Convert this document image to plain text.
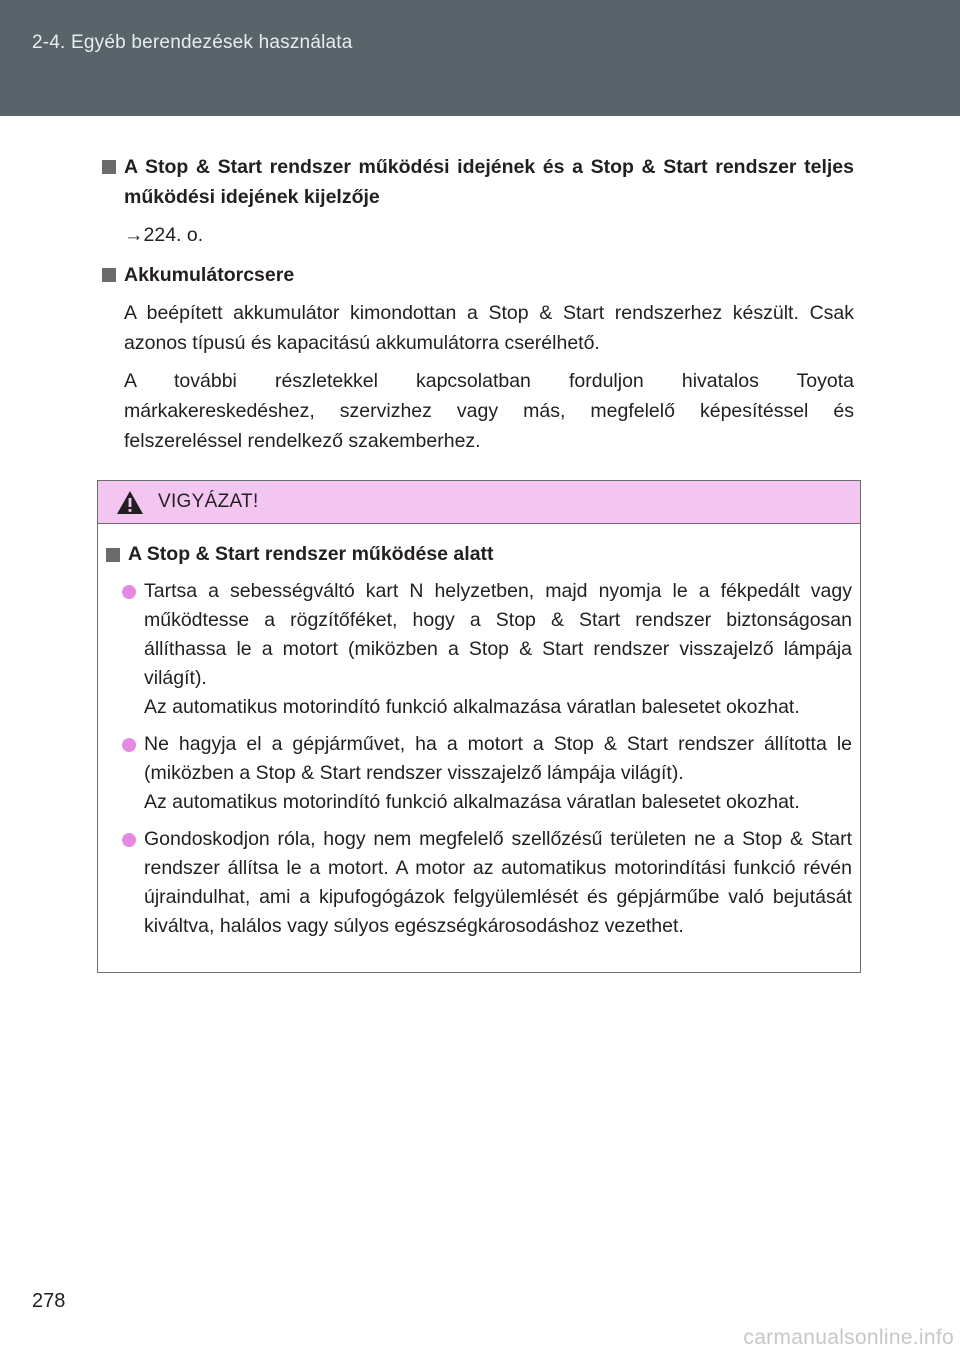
2-4. Egyéb berendezések használata
A Stop & Start rendszer működési idejének és a Stop & Start rendszer teljes működési idejének kijelzője
→224. o.
Akkumulátorcsere
A beépített akkumulátor kimondottan a Stop & Start rendszerhez készült. Csak azonos típusú és kapacitású akkumulátorra cserélhető.
A további részletekkel kapcsolatban forduljon hivatalos Toyota márkakereskedéshez, szervizhez vagy más, megfelelő képesítéssel és felszereléssel rendelkező szakemberhez.
VIGYÁZAT!
A Stop & Start rendszer működése alatt
Tartsa a sebességváltó kart N helyzetben, majd nyomja le a fékpedált vagy működtesse a rögzítőféket, hogy a Stop & Start rendszer biztonságosan állíthassa le a motort (miközben a Stop & Start rendszer visszajelző lámpája világít).
Az automatikus motorindító funkció alkalmazása váratlan balesetet okozhat.
Ne hagyja el a gépjárművet, ha a motort a Stop & Start rendszer állította le (miközben a Stop & Start rendszer visszajelző lámpája világít).
Az automatikus motorindító funkció alkalmazása váratlan balesetet okozhat.
Gondoskodjon róla, hogy nem megfelelő szellőzésű területen ne a Stop & Start rendszer állítsa le a motort. A motor az automatikus motorindítási funkció révén újraindulhat, ami a kipufogógázok felgyülemlését és gépjárműbe való bejutását kiváltva, halálos vagy súlyos egészségkárosodáshoz vezethet.
278
carmanualsonline.info
